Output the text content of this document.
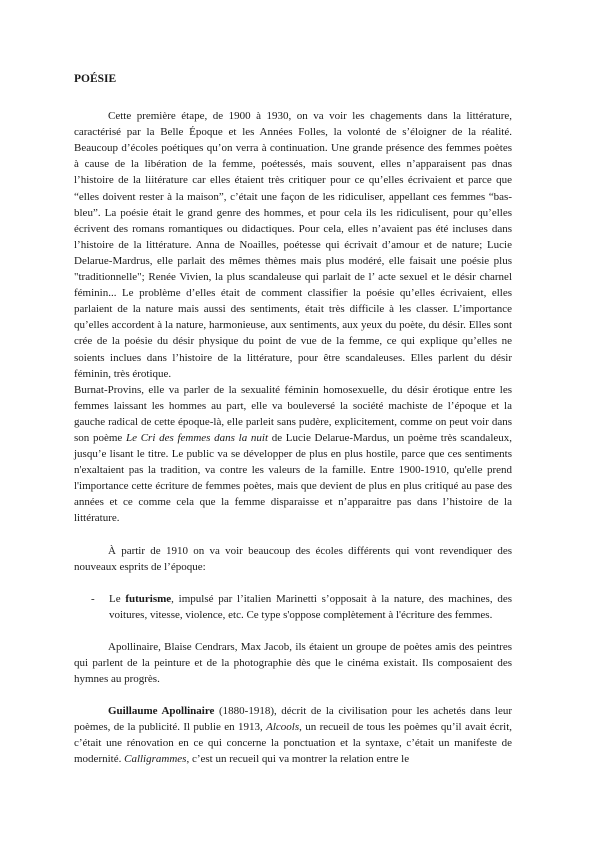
POÉSIE

Cette première étape, de 1900 à 1930, on va voir les chagements dans la littérature, caractérisé par la Belle Époque et les Années Folles, la volonté de s’éloigner de la réalité. Beaucoup d’écoles poétiques qu’on verra à continuation. Une grande présence des femmes poètes à cause de la libération de la femme, poétessés, mais souvent, elles n’apparaisent pas dnas l’histoire de la liitérature car elles étaient très critiquer pour ce qu’elles écrivaient et parce que “elles doivent rester à la maison”, c’était une façon de les ridiculiser, appellant ces femmes “bas-bleu”. La poésie était le grand genre des hommes, et pour cela ils les ridiculisent, pour qu’elles écrivent des romans romantiques ou didactiques. Pour cela, elles n’avaient pas été incluses dans l’histoire de la littérature. Anna de Noailles, poétesse qui écrivait d’amour et de nature; Lucie Delarue-Mardrus, elle parlait des mêmes thèmes mais plus modéré, elle faisait une poésie plus "traditionnelle"; Renée Vivien, la plus scandaleuse qui parlait de l’ acte sexuel et le désir charnel féminin... Le problème d’elles était de comment classifier la poésie qu’elles écrivaient, elles parlaient de la nature mais aussi des sentiments, était très difficile à les classer. L’importance qu’elles accordent à la nature, harmonieuse, aux sentiments, aux yeux du poète, du désir. Elles sont crée de la poésie du désir physique du point de vue de la femme, ce qui explique qu’elles ne soients inclues dans l’histoire de la littérature, pour être scandaleuses. Elles parlent du désir féminin, très érotique.

Burnat-Provins, elle va parler de la sexualité féminin homosexuelle, du désir érotique entre les femmes laissant les hommes au part, elle va bouleversé la société machiste de l’époque et la gauche radical de cette époque-là, elle parleit sans pudère, explicitement, comme on peut voir dans son poème Le Cri des femmes dans la nuit de Lucie Delarue-Mardus, un poème très scandaleux, jusqu’e lisant le titre. Le public va se développer de plus en plus hostile, parce que ces sentiments n'exaltaient pas la tradition, va contre les valeurs de la famille. Entre 1900-1910, qu'elle prend l'importance cette écriture de femmes poètes, mais que devient de plus en plus critiqué au pase des années et ce comme cela que la femme disparaisse et n’apparaitre pas dans l’histoire de la littérature.

À partir de 1910 on va voir beaucoup des écoles différents qui vont revendiquer des nouveaux esprits de l’époque:

- Le futurisme, impulsé par l’italien Marinetti s’opposait à la nature, des machines, des voitures, vitesse, violence, etc. Ce type s'oppose complètement à l'écriture des femmes.

Apollinaire, Blaise Cendrars, Max Jacob, ils étaient un groupe de poètes amis des peintres qui parlent de la peinture et de la photographie dès que le cinéma existait. Ils composaient des hymnes au progrès.

Guillaume Apollinaire (1880-1918), décrit de la civilisation pour les achetés dans leur poèmes, de la publicité. Il publie en 1913, Alcools, un recueil de tous les poèmes qu’il avait écrit, c’était une rénovation en ce qui concerne la ponctuation et la syntaxe, c’était un manifeste de modernité. Calligrammes, c’est un recueil qui va montrer la relation entre le
